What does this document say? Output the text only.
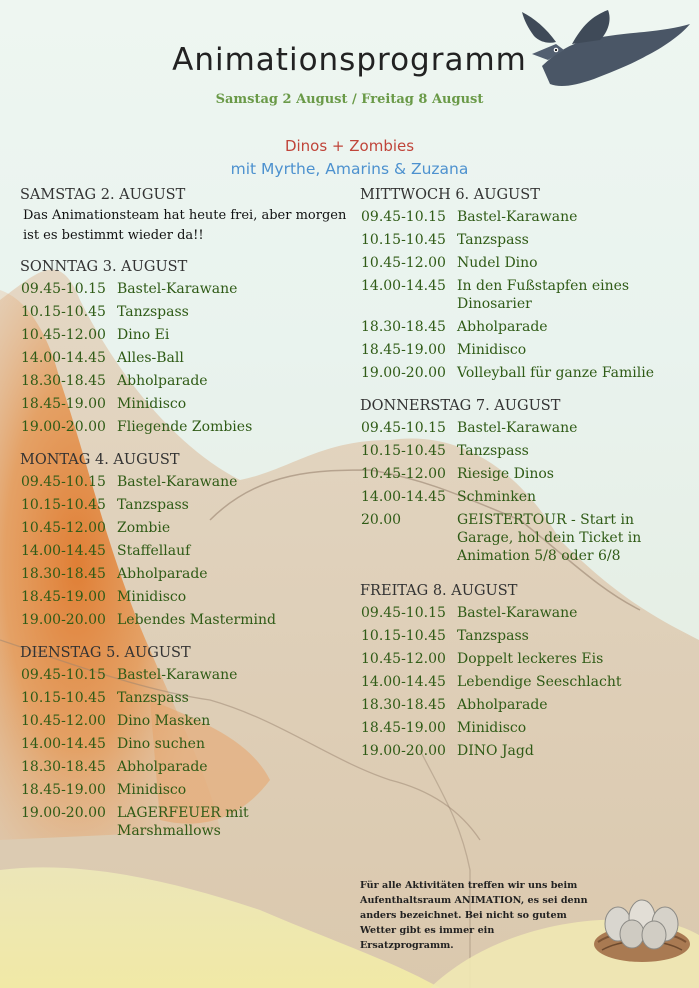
Animationsprogramm
Samstag 2 August / Freitag 8 August
Dinos + Zombies
mit Myrthe, Amarins & Zuzana
SAMSTAG 2. AUGUST
Das Animationsteam hat heute frei, aber morgen ist es bestimmt wieder da!!
SONNTAG 3. AUGUST
09.45-10.15 Bastel-Karawane
10.15-10.45 Tanzspass
10.45-12.00 Dino Ei
14.00-14.45 Alles-Ball
18.30-18.45 Abholparade
18.45-19.00 Minidisco
19.00-20.00 Fliegende Zombies
MONTAG 4. AUGUST
09.45-10.15 Bastel-Karawane
10.15-10.45 Tanzspass
10.45-12.00 Zombie
14.00-14.45 Staffellauf
18.30-18.45 Abholparade
18.45-19.00 Minidisco
19.00-20.00 Lebendes Mastermind
DIENSTAG 5. AUGUST
09.45-10.15 Bastel-Karawane
10.15-10.45 Tanzspass
10.45-12.00 Dino Masken
14.00-14.45 Dino suchen
18.30-18.45 Abholparade
18.45-19.00 Minidisco
19.00-20.00 LAGERFEUER mit Marshmallows
MITTWOCH 6. AUGUST
09.45-10.15 Bastel-Karawane
10.15-10.45 Tanzspass
10.45-12.00 Nudel Dino
14.00-14.45 In den Fußstapfen eines Dinosarier
18.30-18.45 Abholparade
18.45-19.00 Minidisco
19.00-20.00 Volleyball für ganze Familie
DONNERSTAG 7. AUGUST
09.45-10.15 Bastel-Karawane
10.15-10.45 Tanzspass
10.45-12.00 Riesige Dinos
14.00-14.45 Schminken
20.00	GEISTERTOUR - Start in Garage, hol dein Ticket in Animation 5/8 oder 6/8
FREITAG 8. AUGUST
09.45-10.15 Bastel-Karawane
10.15-10.45 Tanzspass
10.45-12.00 Doppelt leckeres Eis
14.00-14.45 Lebendige Seeschlacht
18.30-18.45 Abholparade
18.45-19.00 Minidisco
19.00-20.00 DINO Jagd
Für alle Aktivitäten treffen wir uns beim Aufenthaltsraum ANIMATION, es sei denn anders bezeichnet. Bei nicht so gutem Wetter gibt es immer ein Ersatzprogramm.
